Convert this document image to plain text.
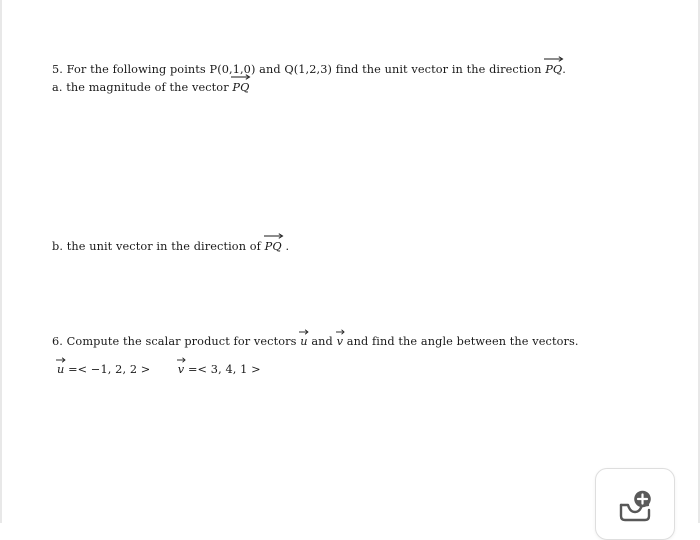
5. For the following points P(0,1,0) and Q(1,2,3) find the unit vector in the direction PQ.
a. the magnitude of the vector PQ
b. the unit vector in the direction of PQ .
6. Compute the scalar product for vectors u and v and find the angle between the vectors.
u =< −1, 2, 2 > v =< 3, 4, 1 >
